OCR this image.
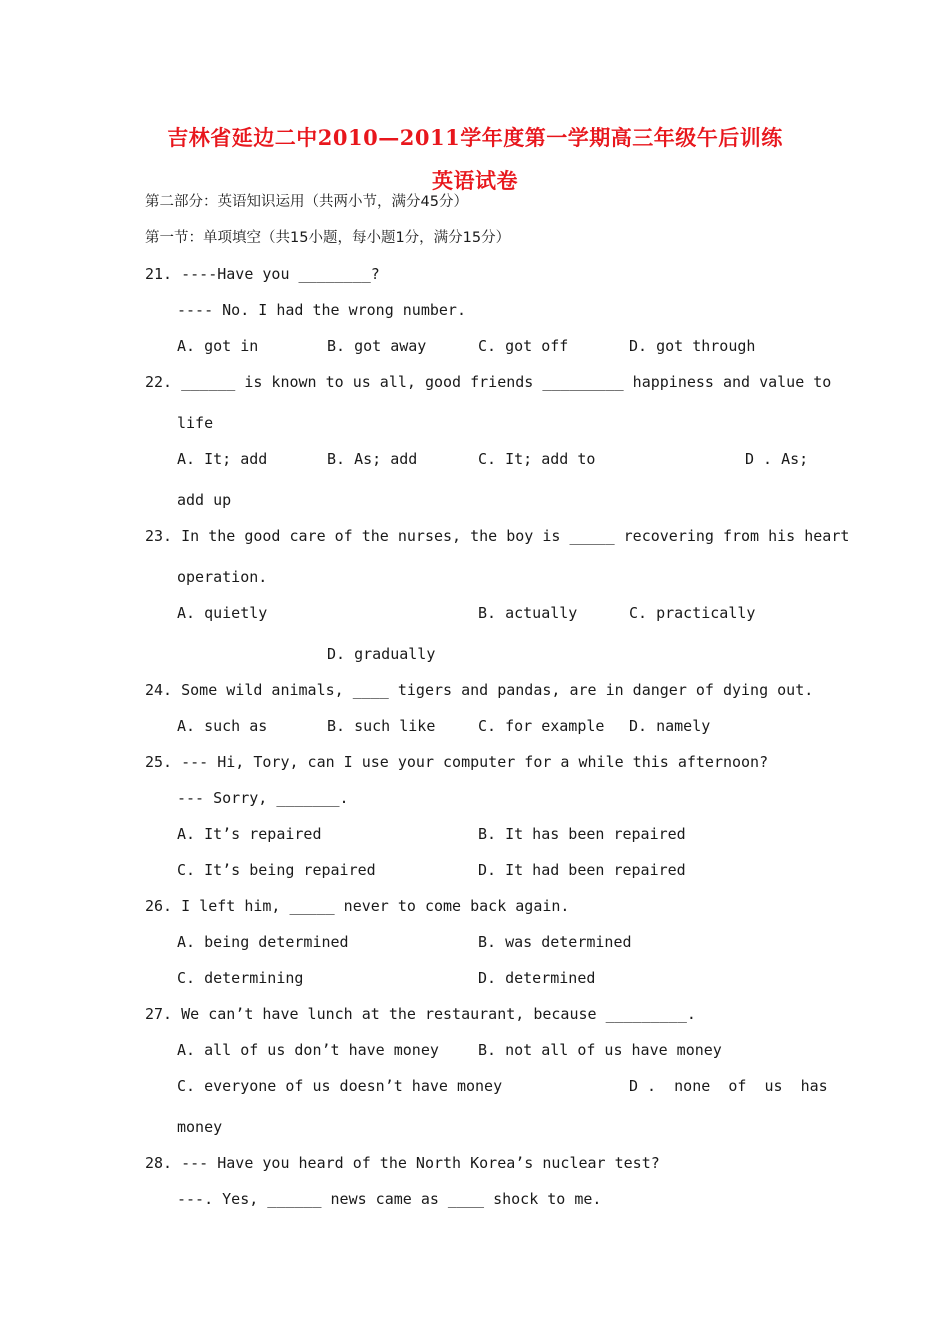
吉林省延边二中2010—2011学年度第一学期高三年级午后训练
英语试卷
第二部分：英语知识运用（共两小节，满分45分）
第一节：单项填空（共15小题，每小题1分，满分15分）
21. ----Have you ________?
---- No. I had the wrong number.
A. got in	B. got away	C. got off	D. got through
22. ______ is known to us all, good friends _________ happiness and value to
life
A. It; add	B. As; add	C. It; add to	D . As;
add up
23. In the good care of the nurses, the boy is _____ recovering from his heart
operation.
A. quietly	B. actually	C. practically
D. gradually
24. Some wild animals, ____ tigers and pandas, are in danger of dying out.
A. such as	B. such like	C. for example D. namely
25. --- Hi, Tory, can I use your computer for a while this afternoon?
--- Sorry, _______.
A. It’s repaired	B. It has been repaired
C. It’s being repaired	D. It had been repaired
26. I left him, _____ never to come back again.
A. being determined	B. was determined
C. determining	D. determined
27. We can’t have lunch at the restaurant, because _________.
A. all of us don’t have money	B. not all of us have money
C. everyone of us doesn’t have money	D .  none  of  us  has
money
28. --- Have you heard of the North Korea’s nuclear test?
---. Yes, ______ news came as ____ shock to me.
